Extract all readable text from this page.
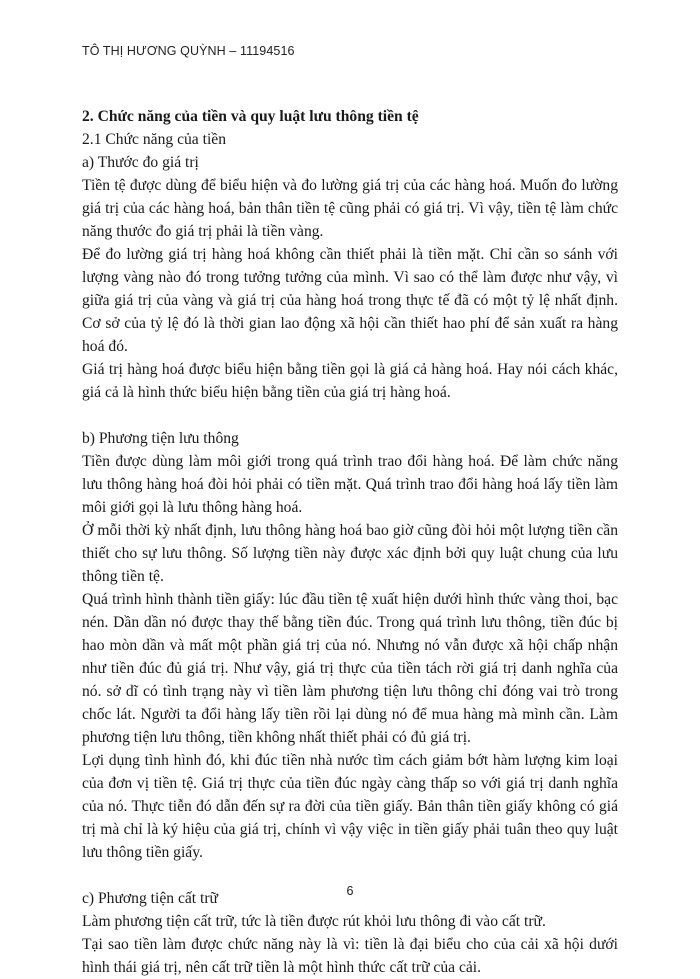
TÔ THỊ HƯƠNG QUỲNH – 11194516

2. Chức năng của tiền và quy luật lưu thông tiền tệ

2.1 Chức năng của tiền

a) Thước đo giá trị

Tiền tệ được dùng để biểu hiện và đo lường giá trị của các hàng hoá. Muốn đo lường giá trị của các hàng hoá, bản thân tiền tệ cũng phải có giá trị. Vì vậy, tiền tệ làm chức năng thước đo giá trị phải là tiền vàng.

Để đo lường giá trị hàng hoá không cần thiết phải là tiền mặt. Chỉ cần so sánh với lượng vàng nào đó trong tưởng tưởng của mình. Vì sao có thể làm được như vậy, vì giữa giá trị của vàng và giá trị của hàng hoá trong thực tế đã có một tỷ lệ nhất định. Cơ sở của tỷ lệ đó là thời gian lao động xã hội cần thiết hao phí để sản xuất ra hàng hoá đó.

Giá trị hàng hoá được biểu hiện bằng tiền gọi là giá cả hàng hoá. Hay nói cách khác, giá cả là hình thức biểu hiện bằng tiền của giá trị hàng hoá.

b) Phương tiện lưu thông

Tiền được dùng làm môi giới trong quá trình trao đổi hàng hoá. Để làm chức năng lưu thông hàng hoá đòi hỏi phải có tiền mặt. Quá trình trao đổi hàng hoá lấy tiền làm môi giới gọi là lưu thông hàng hoá.

Ở mỗi thời kỳ nhất định, lưu thông hàng hoá bao giờ cũng đòi hỏi một lượng tiền cần thiết cho sự lưu thông. Số lượng tiền này được xác định bởi quy luật chung của lưu thông tiền tệ.

Quá trình hình thành tiền giấy: lúc đầu tiền tệ xuất hiện dưới hình thức vàng thoi, bạc nén. Dần dần nó được thay thế bằng tiền đúc. Trong quá trình lưu thông, tiền đúc bị hao mòn dần và mất một phần giá trị của nó. Nhưng nó vẫn được xã hội chấp nhận như tiền đúc đủ giá trị. Như vậy, giá trị thực của tiền tách rời giá trị danh nghĩa của nó. sở dĩ có tình trạng này vì tiền làm phương tiện lưu thông chỉ đóng vai trò trong chốc lát. Người ta đổi hàng lấy tiền rồi lại dùng nó để mua hàng mà mình cần. Làm phương tiện lưu thông, tiền không nhất thiết phải có đủ giá trị.

Lợi dụng tình hình đó, khi đúc tiền nhà nước tìm cách giảm bớt hàm lượng kim loại của đơn vị tiền tệ. Giá trị thực của tiền đúc ngày càng thấp so với giá trị danh nghĩa của nó. Thực tiễn đó dẫn đến sự ra đời của tiền giấy. Bản thân tiền giấy không có giá trị mà chỉ là ký hiệu của giá trị, chính vì vậy việc in tiền giấy phải tuân theo quy luật lưu thông tiền giấy.

c) Phương tiện cất trữ

Làm phương tiện cất trữ, tức là tiền được rút khỏi lưu thông đi vào cất trữ.

Tại sao tiền làm được chức năng này là vì: tiền là đại biểu cho của cải xã hội dưới hình thái giá trị, nên cất trữ tiền là một hình thức cất trữ của cải.

6
